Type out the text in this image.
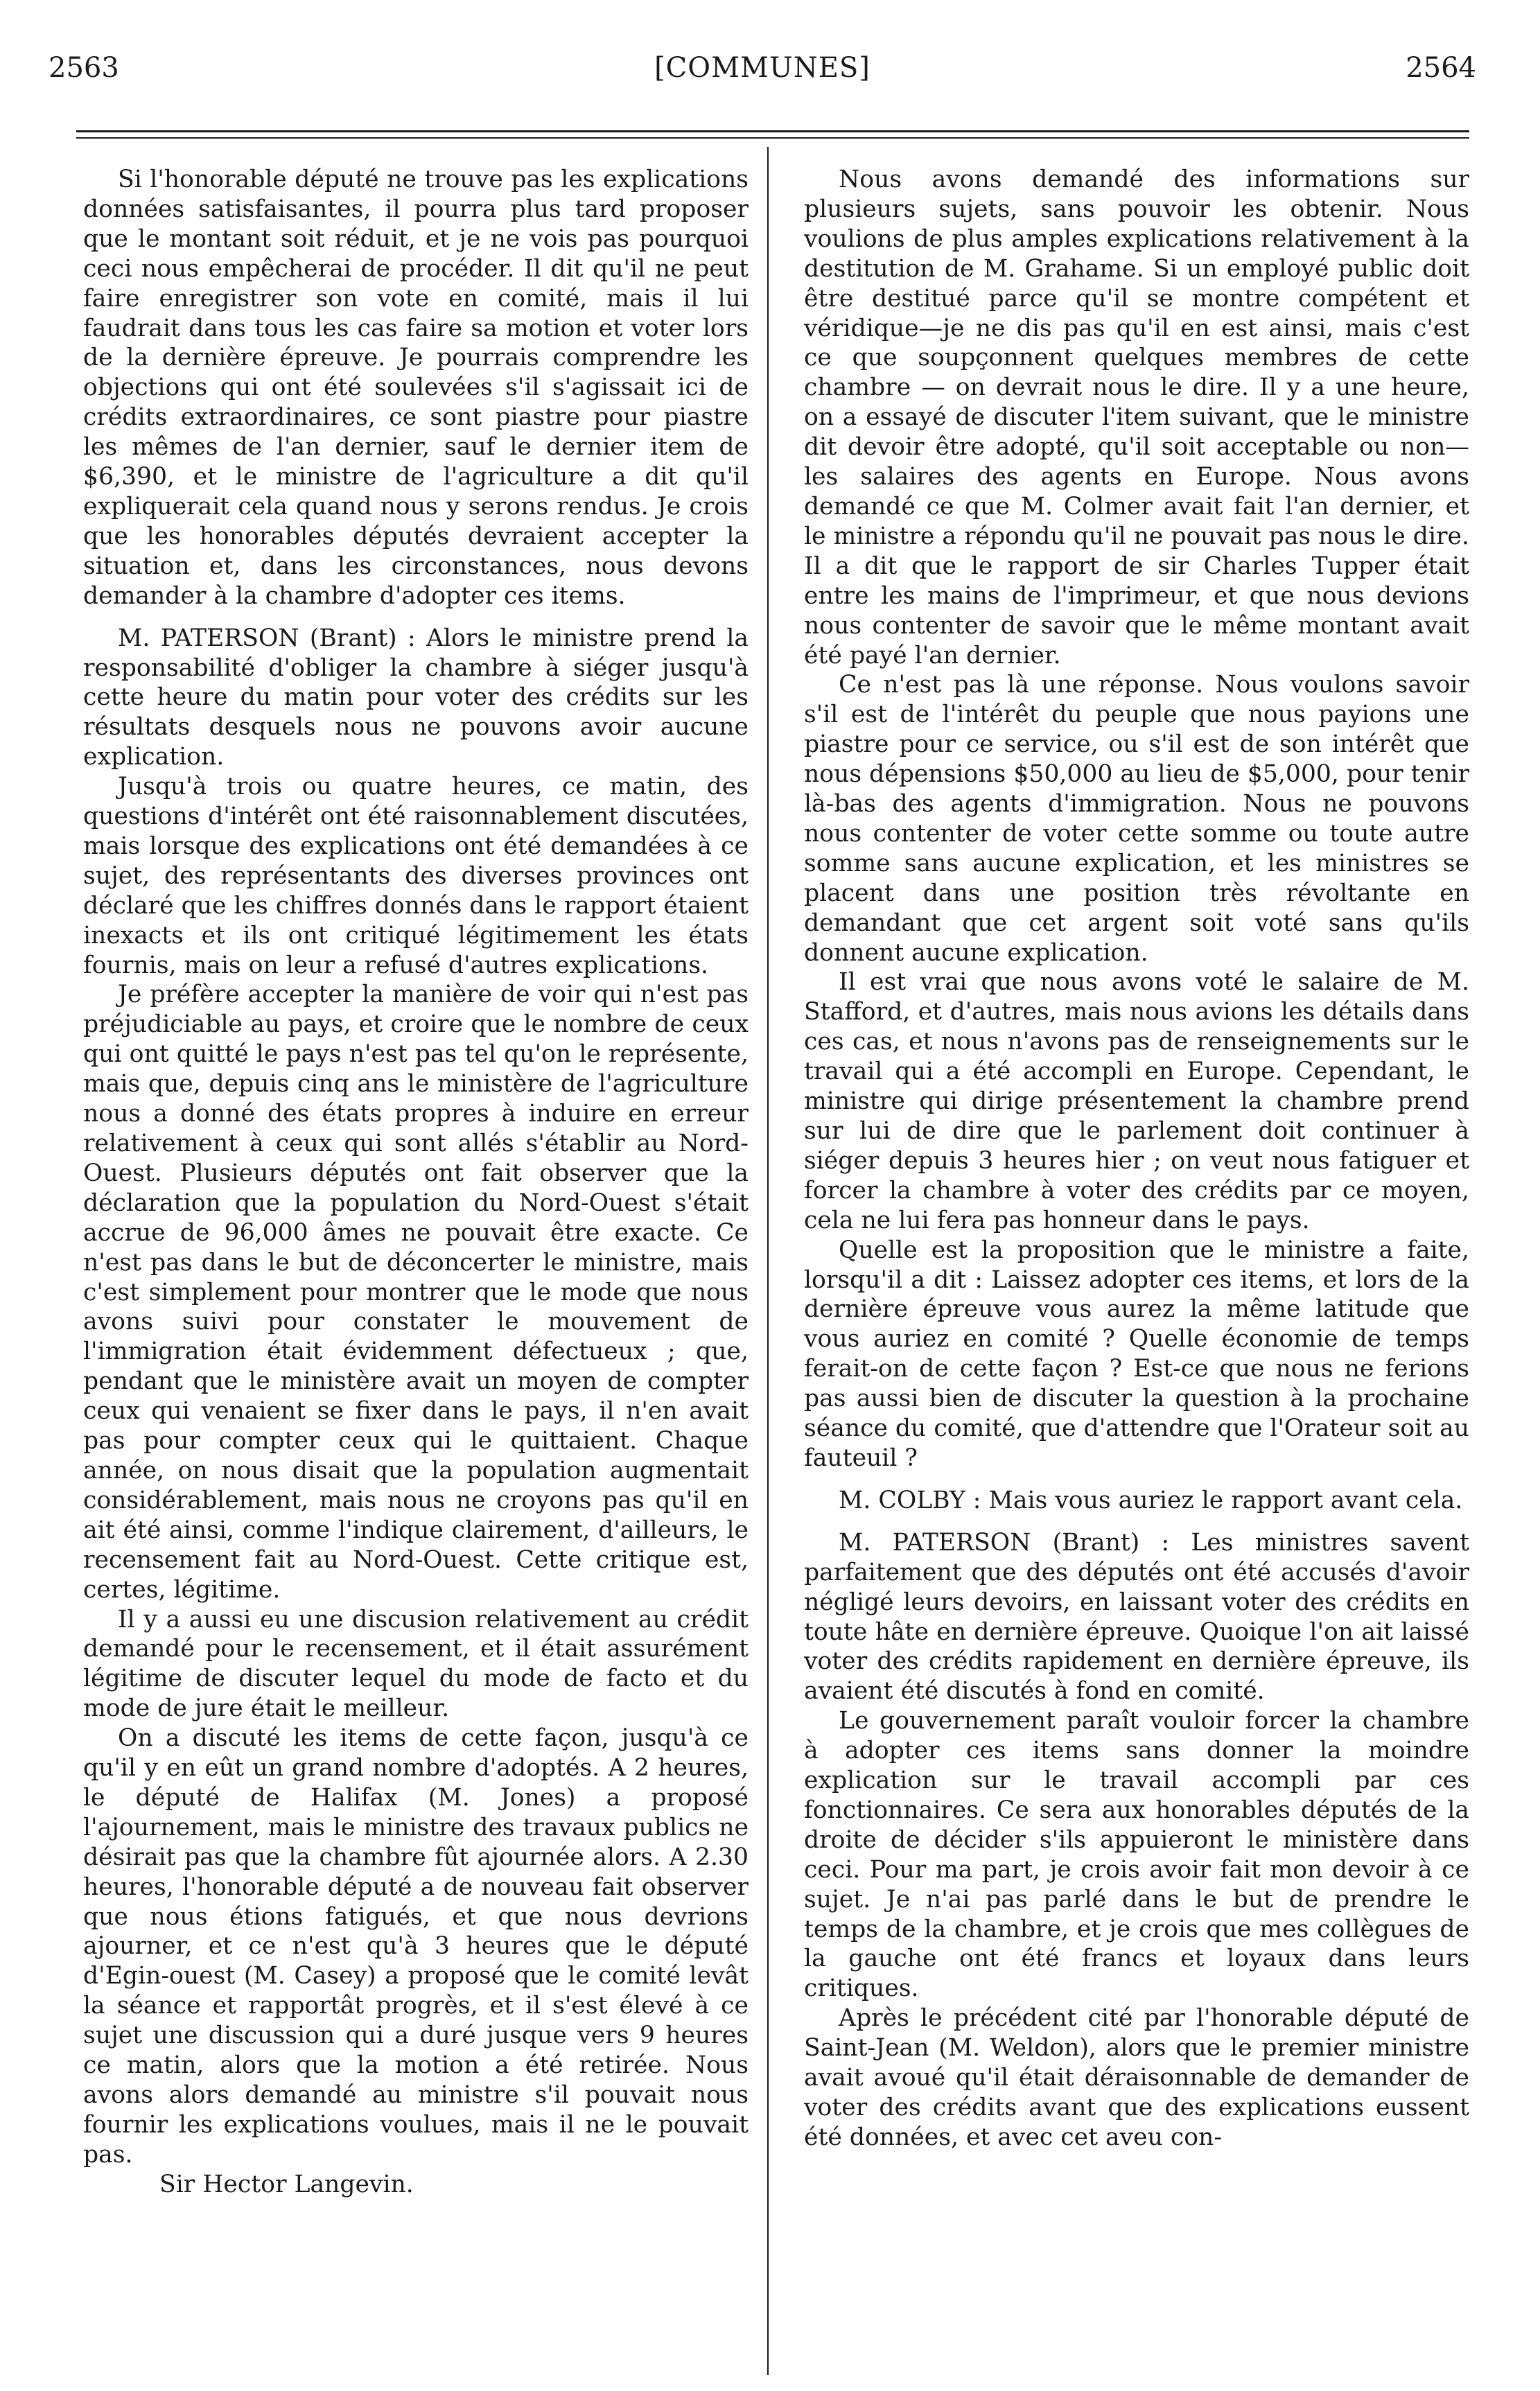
2563	[COMMUNES]	2564

Si l'honorable député ne trouve pas les explications données satisfaisantes, il pourra plus tard proposer que le montant soit réduit, et je ne vois pas pourquoi ceci nous empêcherai de procéder. Il dit qu'il ne peut faire enregistrer son vote en comité, mais il lui faudrait dans tous les cas faire sa motion et voter lors de la dernière épreuve. Je pourrais comprendre les objections qui ont été soulevées s'il s'agissait ici de crédits extraordinaires, ce sont piastre pour piastre les mêmes de l'an dernier, sauf le dernier item de $6,390, et le ministre de l'agriculture a dit qu'il expliquerait cela quand nous y serons rendus. Je crois que les honorables députés devraient accepter la situation et, dans les circonstances, nous devons demander à la chambre d'adopter ces items.

M. PATERSON (Brant) : Alors le ministre prend la responsabilité d'obliger la chambre à siéger jusqu'à cette heure du matin pour voter des crédits sur les résultats desquels nous ne pouvons avoir aucune explication.

Jusqu'à trois ou quatre heures, ce matin, des questions d'intérêt ont été raisonnablement discutées, mais lorsque des explications ont été demandées à ce sujet, des représentants des diverses provinces ont déclaré que les chiffres donnés dans le rapport étaient inexacts et ils ont critiqué légitimement les états fournis, mais on leur a refusé d'autres explications.

Je préfère accepter la manière de voir qui n'est pas préjudiciable au pays, et croire que le nombre de ceux qui ont quitté le pays n'est pas tel qu'on le représente, mais que, depuis cinq ans le ministère de l'agriculture nous a donné des états propres à induire en erreur relativement à ceux qui sont allés s'établir au Nord-Ouest. Plusieurs députés ont fait observer que la déclaration que la population du Nord-Ouest s'était accrue de 96,000 âmes ne pouvait être exacte. Ce n'est pas dans le but de déconcerter le ministre, mais c'est simplement pour montrer que le mode que nous avons suivi pour constater le mouvement de l'immigration était évidemment défectueux ; que, pendant que le ministère avait un moyen de compter ceux qui venaient se fixer dans le pays, il n'en avait pas pour compter ceux qui le quittaient. Chaque année, on nous disait que la population augmentait considérablement, mais nous ne croyons pas qu'il en ait été ainsi, comme l'indique clairement, d'ailleurs, le recensement fait au Nord-Ouest. Cette critique est, certes, légitime.

Il y a aussi eu une discusion relativement au crédit demandé pour le recensement, et il était assurément légitime de discuter lequel du mode de facto et du mode de jure était le meilleur.

On a discuté les items de cette façon, jusqu'à ce qu'il y en eût un grand nombre d'adoptés. A 2 heures, le député de Halifax (M. Jones) a proposé l'ajournement, mais le ministre des travaux publics ne désirait pas que la chambre fût ajournée alors. A 2.30 heures, l'honorable député a de nouveau fait observer que nous étions fatigués, et que nous devrions ajourner, et ce n'est qu'à 3 heures que le député d'Egin-ouest (M. Casey) a proposé que le comité levât la séance et rapportât progrès, et il s'est élevé à ce sujet une discussion qui a duré jusque vers 9 heures ce matin, alors que la motion a été retirée. Nous avons alors demandé au ministre s'il pouvait nous fournir les explications voulues, mais il ne le pouvait pas.

Sir Hector Langevin.

Nous avons demandé des informations sur plusieurs sujets, sans pouvoir les obtenir. Nous voulions de plus amples explications relativement à la destitution de M. Grahame. Si un employé public doit être destitué parce qu'il se montre compétent et véridique—je ne dis pas qu'il en est ainsi, mais c'est ce que soupçonnent quelques membres de cette chambre — on devrait nous le dire. Il y a une heure, on a essayé de discuter l'item suivant, que le ministre dit devoir être adopté, qu'il soit acceptable ou non—les salaires des agents en Europe. Nous avons demandé ce que M. Colmer avait fait l'an dernier, et le ministre a répondu qu'il ne pouvait pas nous le dire. Il a dit que le rapport de sir Charles Tupper était entre les mains de l'imprimeur, et que nous devions nous contenter de savoir que le même montant avait été payé l'an dernier.

Ce n'est pas là une réponse. Nous voulons savoir s'il est de l'intérêt du peuple que nous payions une piastre pour ce service, ou s'il est de son intérêt que nous dépensions $50,000 au lieu de $5,000, pour tenir là-bas des agents d'immigration. Nous ne pouvons nous contenter de voter cette somme ou toute autre somme sans aucune explication, et les ministres se placent dans une position très révoltante en demandant que cet argent soit voté sans qu'ils donnent aucune explication.

Il est vrai que nous avons voté le salaire de M. Stafford, et d'autres, mais nous avions les détails dans ces cas, et nous n'avons pas de renseignements sur le travail qui a été accompli en Europe. Cependant, le ministre qui dirige présentement la chambre prend sur lui de dire que le parlement doit continuer à siéger depuis 3 heures hier ; on veut nous fatiguer et forcer la chambre à voter des crédits par ce moyen, cela ne lui fera pas honneur dans le pays.

Quelle est la proposition que le ministre a faite, lorsqu'il a dit : Laissez adopter ces items, et lors de la dernière épreuve vous aurez la même latitude que vous auriez en comité ? Quelle économie de temps ferait-on de cette façon ? Est-ce que nous ne ferions pas aussi bien de discuter la question à la prochaine séance du comité, que d'attendre que l'Orateur soit au fauteuil ?

M. COLBY : Mais vous auriez le rapport avant cela.

M. PATERSON (Brant) : Les ministres savent parfaitement que des députés ont été accusés d'avoir négligé leurs devoirs, en laissant voter des crédits en toute hâte en dernière épreuve. Quoique l'on ait laissé voter des crédits rapidement en dernière épreuve, ils avaient été discutés à fond en comité.

Le gouvernement paraît vouloir forcer la chambre à adopter ces items sans donner la moindre explication sur le travail accompli par ces fonctionnaires. Ce sera aux honorables députés de la droite de décider s'ils appuieront le ministère dans ceci. Pour ma part, je crois avoir fait mon devoir à ce sujet. Je n'ai pas parlé dans le but de prendre le temps de la chambre, et je crois que mes collègues de la gauche ont été francs et loyaux dans leurs critiques.

Après le précédent cité par l'honorable député de Saint-Jean (M. Weldon), alors que le premier ministre avait avoué qu'il était déraisonnable de demander de voter des crédits avant que des explications eussent été données, et avec cet aveu con-
